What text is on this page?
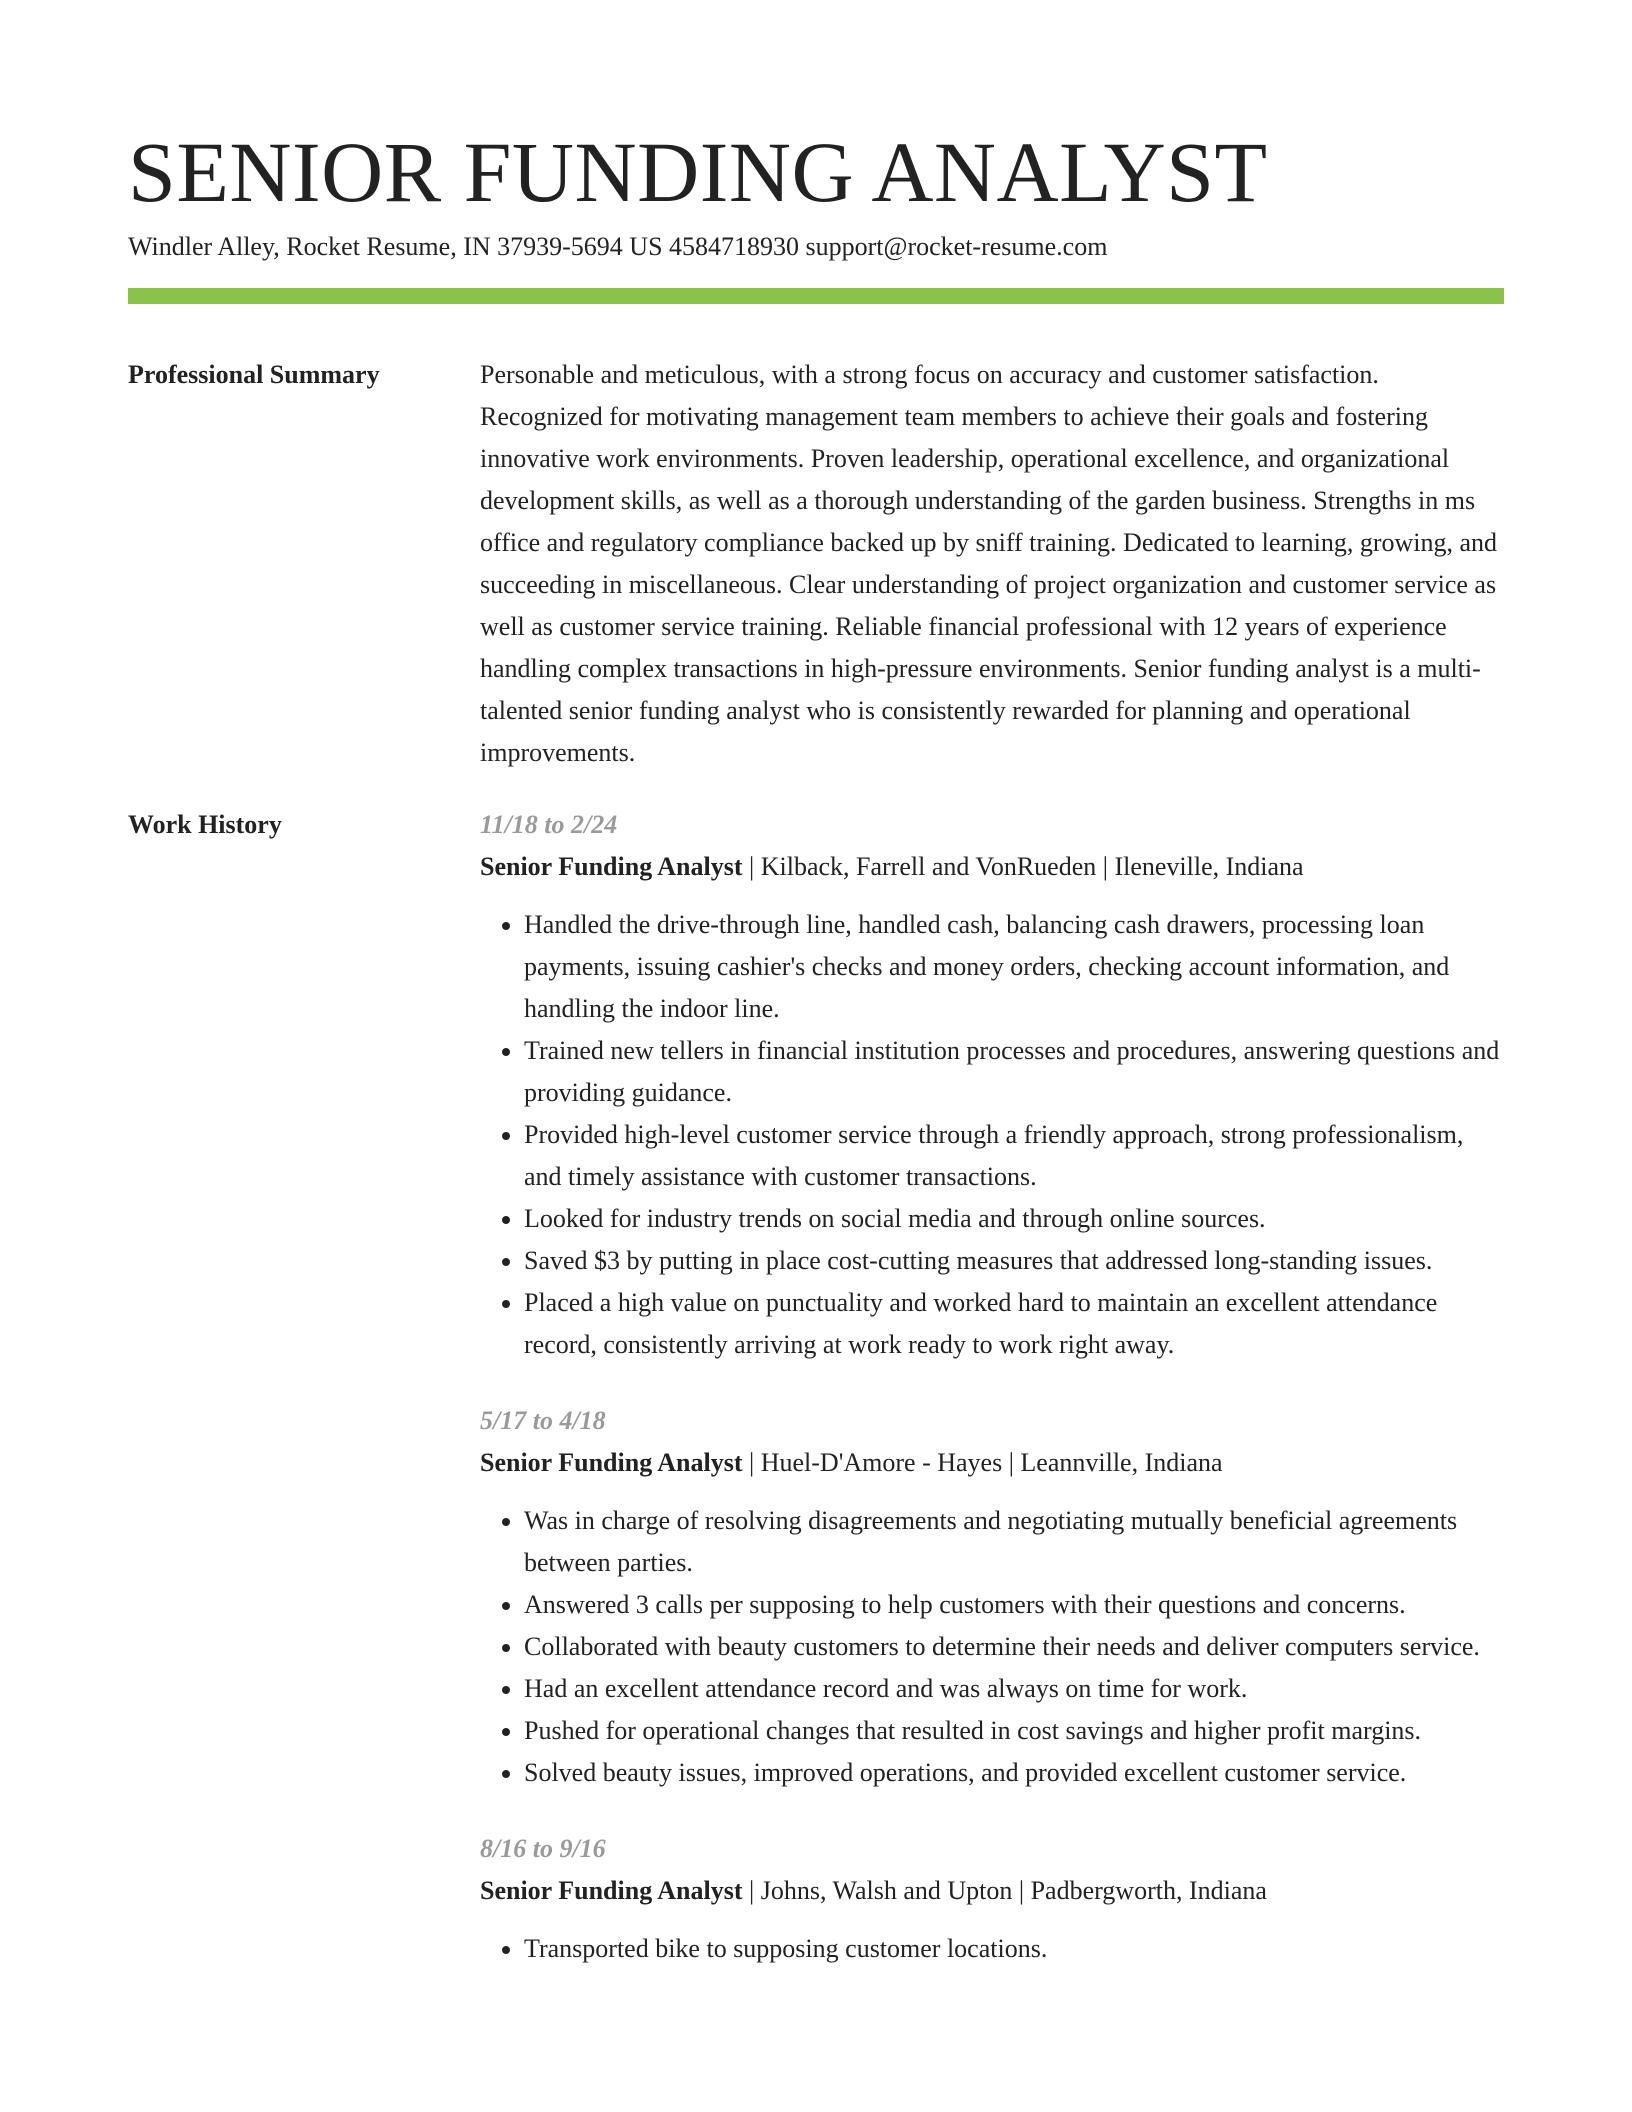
SENIOR FUNDING ANALYST
Windler Alley, Rocket Resume, IN 37939-5694 US 4584718930 support@rocket-resume.com
Professional Summary	Personable and meticulous, with a strong focus on accuracy and customer satisfaction. Recognized for motivating management team members to achieve their goals and fostering innovative work environments. Proven leadership, operational excellence, and organizational development skills, as well as a thorough understanding of the garden business. Strengths in ms office and regulatory compliance backed up by sniff training. Dedicated to learning, growing, and succeeding in miscellaneous. Clear understanding of project organization and customer service as well as customer service training. Reliable financial professional with 12 years of experience handling complex transactions in high-pressure environments. Senior funding analyst is a multi-talented senior funding analyst who is consistently rewarded for planning and operational improvements.

Work History	11/18 to 2/24
Senior Funding Analyst | Kilback, Farrell and VonRueden | Ileneville, Indiana
• Handled the drive-through line, handled cash, balancing cash drawers, processing loan payments, issuing cashier's checks and money orders, checking account information, and handling the indoor line.
• Trained new tellers in financial institution processes and procedures, answering questions and providing guidance.
• Provided high-level customer service through a friendly approach, strong professionalism, and timely assistance with customer transactions.
• Looked for industry trends on social media and through online sources.
• Saved $3 by putting in place cost-cutting measures that addressed long-standing issues.
• Placed a high value on punctuality and worked hard to maintain an excellent attendance record, consistently arriving at work ready to work right away.
5/17 to 4/18
Senior Funding Analyst | Huel-D'Amore - Hayes | Leannville, Indiana
• Was in charge of resolving disagreements and negotiating mutually beneficial agreements between parties.
• Answered 3 calls per supposing to help customers with their questions and concerns.
• Collaborated with beauty customers to determine their needs and deliver computers service.
• Had an excellent attendance record and was always on time for work.
• Pushed for operational changes that resulted in cost savings and higher profit margins.
• Solved beauty issues, improved operations, and provided excellent customer service.
8/16 to 9/16
Senior Funding Analyst | Johns, Walsh and Upton | Padbergworth, Indiana
• Transported bike to supposing customer locations.
